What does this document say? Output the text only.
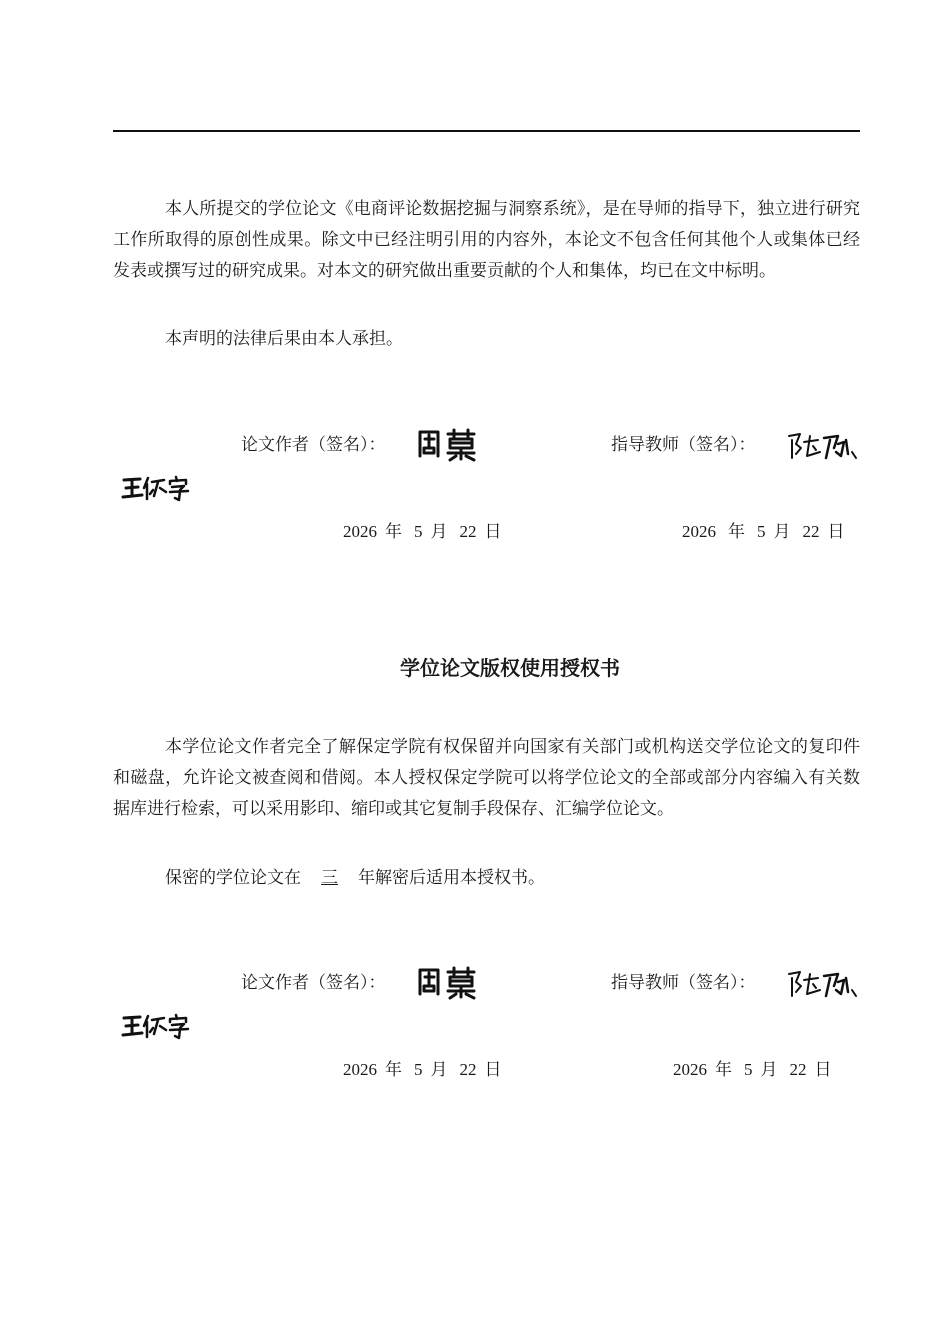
本人所提交的学位论文《电商评论数据挖掘与洞察系统》，是在导师的指导下，独立进行研究工作所取得的原创性成果。除文中已经注明引用的内容外，本论文不包含任何其他个人或集体已经发表或撰写过的研究成果。对本文的研究做出重要贡献的个人和集体，均已在文中标明。

本声明的法律后果由本人承担。

论文作者（签名）：	指导教师（签名）：
2026 年 5 月 22 日	2026 年 5 月 22 日
学位论文版权使用授权书

本学位论文作者完全了解保定学院有权保留并向国家有关部门或机构送交学位论文的复印件和磁盘，允许论文被查阅和借阅。本人授权保定学院可以将学位论文的全部或部分内容编入有关数据库进行检索，可以采用影印、缩印或其它复制手段保存、汇编学位论文。

保密的学位论文在 三 年解密后适用本授权书。

论文作者（签名）：	指导教师（签名）：
2026 年 5 月 22 日	2026 年 5 月 22 日
